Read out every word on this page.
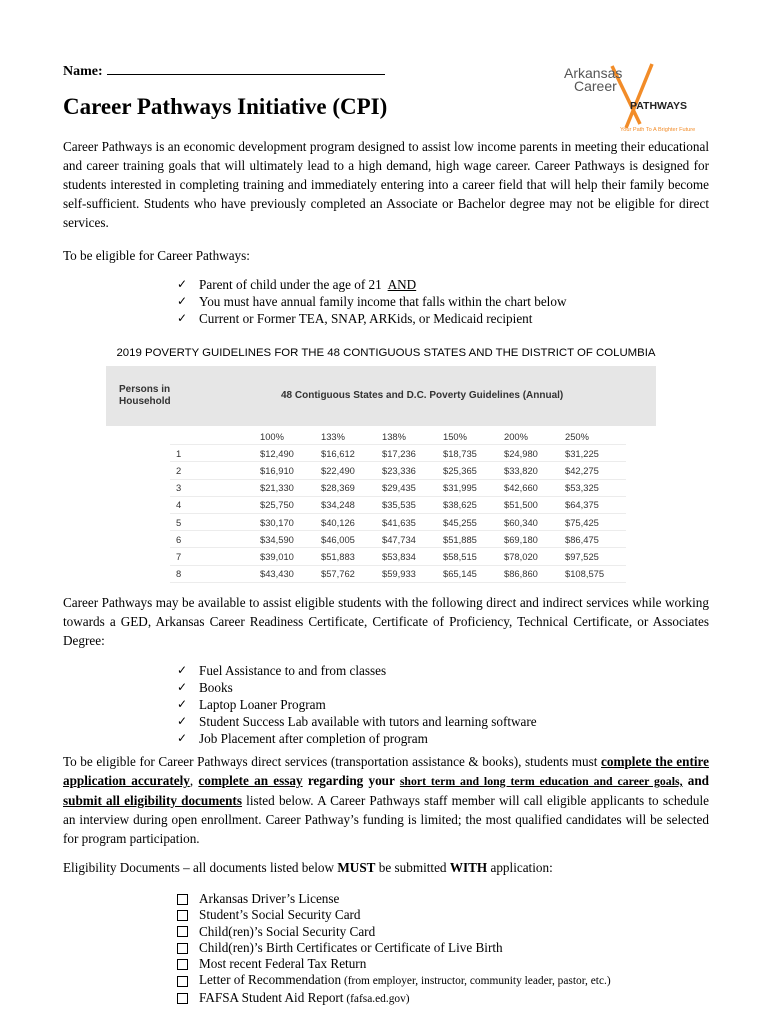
Name:
Career Pathways Initiative (CPI)
Arkansas
Career
PATHWAYS
Your Path To A Brighter Future
Career Pathways is an economic development program designed to assist low income parents in meeting their educational and career training goals that will ultimately lead to a high demand, high wage career. Career Pathways is designed for students interested in completing training and immediately entering into a career field that will help their family become self-sufficient. Students who have previously completed an Associate or Bachelor degree may not be eligible for direct services.
To be eligible for Career Pathways:
✓ Parent of child under the age of 21 AND
✓ You must have annual family income that falls within the chart below
✓ Current or Former TEA, SNAP, ARKids, or Medicaid recipient
2019 POVERTY GUIDELINES FOR THE 48 CONTIGUOUS STATES AND THE DISTRICT OF COLUMBIA
Persons in Household
48 Contiguous States and D.C. Poverty Guidelines (Annual)
	100%	133%	138%	150%	200%	250%
1	$12,490	$16,612	$17,236	$18,735	$24,980	$31,225
2	$16,910	$22,490	$23,336	$25,365	$33,820	$42,275
3	$21,330	$28,369	$29,435	$31,995	$42,660	$53,325
4	$25,750	$34,248	$35,535	$38,625	$51,500	$64,375
5	$30,170	$40,126	$41,635	$45,255	$60,340	$75,425
6	$34,590	$46,005	$47,734	$51,885	$69,180	$86,475
7	$39,010	$51,883	$53,834	$58,515	$78,020	$97,525
8	$43,430	$57,762	$59,933	$65,145	$86,860	$108,575
Career Pathways may be available to assist eligible students with the following direct and indirect services while working towards a GED, Arkansas Career Readiness Certificate, Certificate of Proficiency, Technical Certificate, or Associates Degree:
✓ Fuel Assistance to and from classes
✓ Books
✓ Laptop Loaner Program
✓ Student Success Lab available with tutors and learning software
✓ Job Placement after completion of program
To be eligible for Career Pathways direct services (transportation assistance & books), students must complete the entire application accurately, complete an essay regarding your short term and long term education and career goals, and submit all eligibility documents listed below. A Career Pathways staff member will call eligible applicants to schedule an interview during open enrollment. Career Pathway’s funding is limited; the most qualified candidates will be selected for program participation.
Eligibility Documents – all documents listed below MUST be submitted WITH application:
Arkansas Driver’s License
Student’s Social Security Card
Child(ren)’s Social Security Card
Child(ren)’s Birth Certificates or Certificate of Live Birth
Most recent Federal Tax Return
Letter of Recommendation (from employer, instructor, community leader, pastor, etc.)
FAFSA Student Aid Report (fafsa.ed.gov)
